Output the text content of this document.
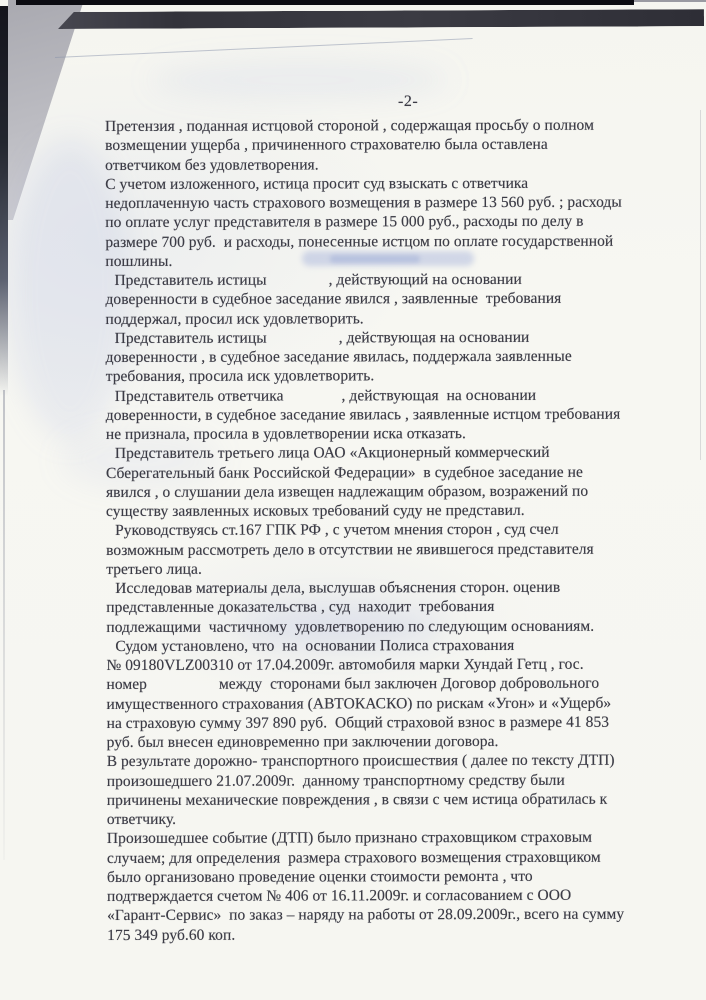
-2-
Претензия , поданная истцовой стороной , содержащая просьбу о полном
возмещении ущерба , причиненного страхователю была оставлена
ответчиком без удовлетворения.
С учетом изложенного, истица просит суд взыскать с ответчика
недоплаченную часть страхового возмещения в размере 13 560 руб. ; расходы
по оплате услуг представителя в размере 15 000 руб., расходы по делу в
размере 700 руб.  и расходы, понесенные истцом по оплате государственной
пошлины.
Представитель истицы	, действующий на основании
доверенности в судебное заседание явился , заявленные  требования
поддержал, просил иск удовлетворить.
Представитель истицы	, действующая на основании
доверенности , в судебное заседание явилась, поддержала заявленные
требования, просила иск удовлетворить.
Представитель ответчика	, действующая  на основании
доверенности, в судебное заседание явилась , заявленные истцом требования
не признала, просила в удовлетворении иска отказать.
Представитель третьего лица ОАО «Акционерный коммерческий
Сберегательный банк Российской Федерации»  в судебное заседание не
явился , о слушании дела извещен надлежащим образом, возражений по
существу заявленных исковых требований суду не представил.
Руководствуясь ст.167 ГПК РФ , с учетом мнения сторон , суд счел
возможным рассмотреть дело в отсутствии не явившегося представителя
третьего лица.
Исследовав материалы дела, выслушав объяснения сторон. оценив
представленные доказательства , суд  находит  требования
подлежащими  частичному  удовлетворению по следующим основаниям.
Судом установлено, что  на  основании Полиса страхования
№ 09180VLZ00310 от 17.04.2009г. автомобиля марки Хундай Гетц , гос.
номер	между  сторонами был заключен Договор добровольного
имущественного страхования (АВТОКАСКО) по рискам «Угон» и «Ущерб»
на страховую сумму 397 890 руб.  Общий страховой взнос в размере 41 853
руб. был внесен единовременно при заключении договора.
В результате дорожно- транспортного происшествия ( далее по тексту ДТП)
произошедшего 21.07.2009г.  данному транспортному средству были
причинены механические повреждения , в связи с чем истица обратилась к
ответчику.
Произошедшее событие (ДТП) было признано страховщиком страховым
случаем; для определения  размера страхового возмещения страховщиком
было организовано проведение оценки стоимости ремонта , что
подтверждается счетом № 406 от 16.11.2009г. и согласованием с ООО
«Гарант-Сервис»  по заказ – наряду на работы от 28.09.2009г., всего на сумму
175 349 руб.60 коп.
